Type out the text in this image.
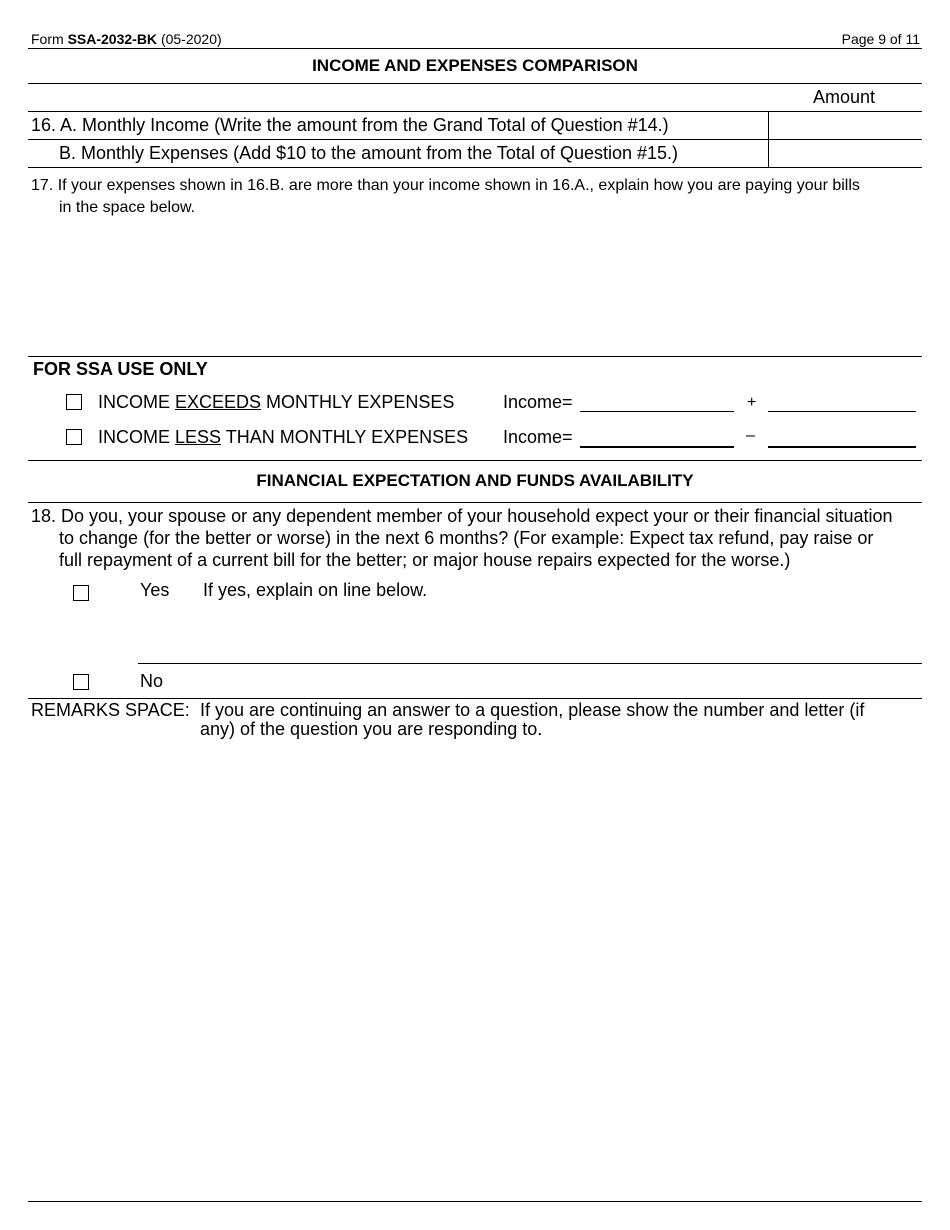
Form SSA-2032-BK (05-2020)	Page 9 of 11
INCOME AND EXPENSES COMPARISON
Amount
16. A. Monthly Income (Write the amount from the Grand Total of Question #14.)
B. Monthly Expenses (Add $10 to the amount from the Total of Question #15.)
17. If your expenses shown in 16.B. are more than your income shown in 16.A., explain how you are paying your bills
in the space below.
FOR SSA USE ONLY
INCOME EXCEEDS MONTHLY EXPENSES	Income=	+
INCOME LESS THAN MONTHLY EXPENSES Income=	–
FINANCIAL EXPECTATION AND FUNDS AVAILABILITY
18. Do you, your spouse or any dependent member of your household expect your or their financial situation
to change (for the better or worse) in the next 6 months? (For example: Expect tax refund, pay raise or
full repayment of a current bill for the better; or major house repairs expected for the worse.)
Yes If yes, explain on line below.
No
REMARKS SPACE: If you are continuing an answer to a question, please show the number and letter (if
any) of the question you are responding to.
